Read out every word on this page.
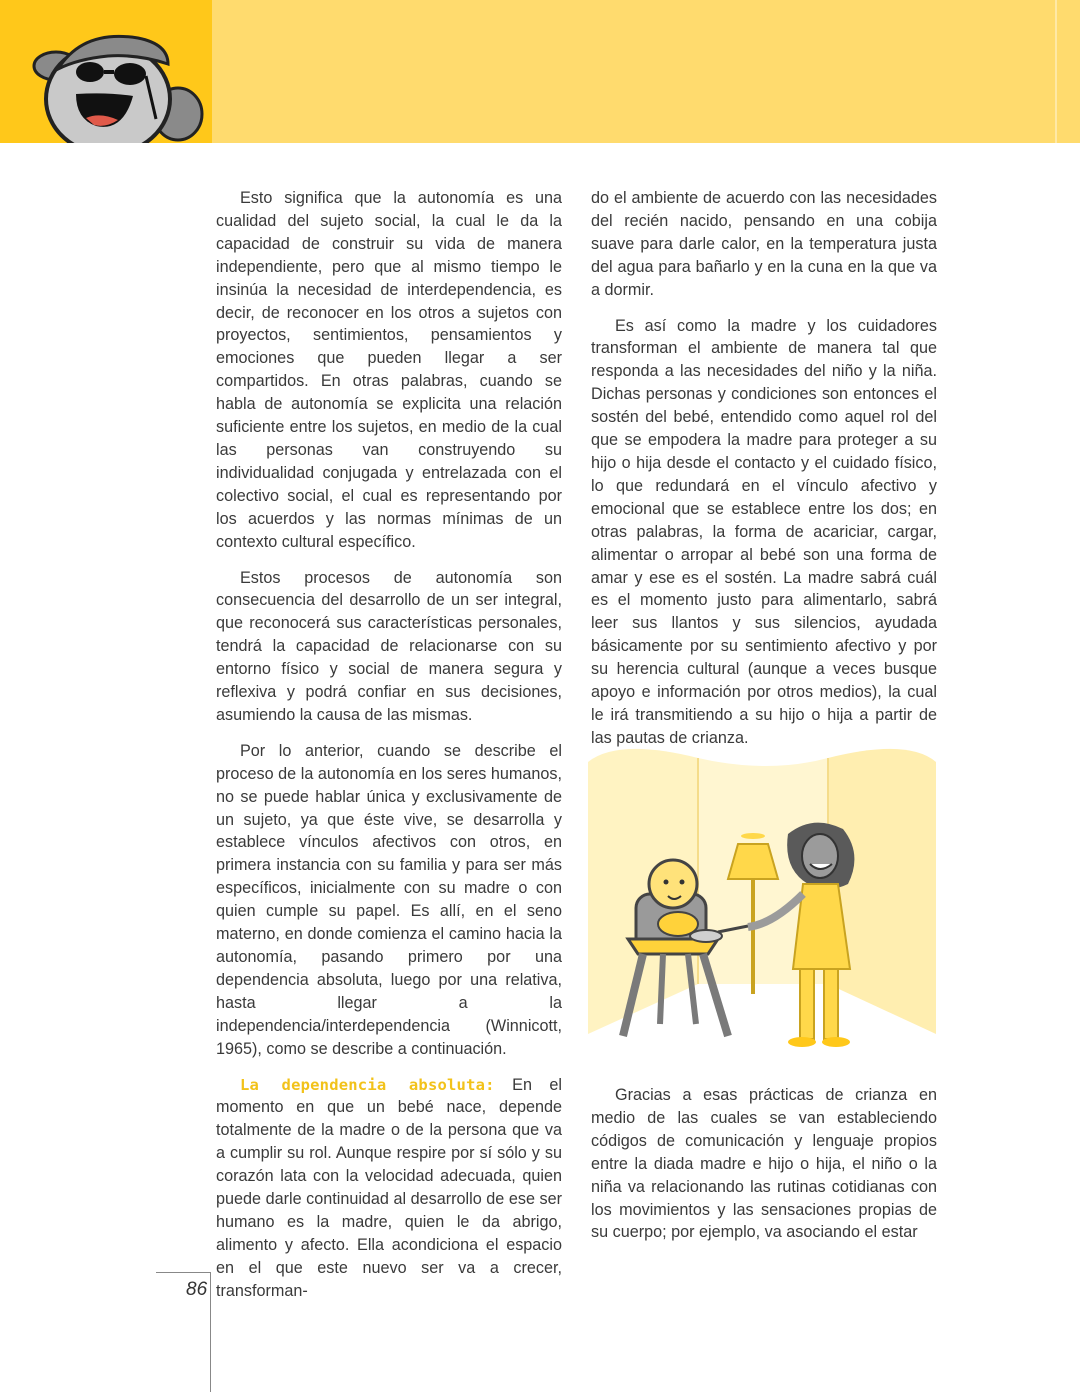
Esto significa que la autonomía es una cualidad del sujeto social, la cual le da la capacidad de construir su vida de manera independiente, pero que al mismo tiempo le insinúa la necesidad de interdependencia, es decir, de reconocer en los otros a sujetos con proyectos, sentimientos, pensamientos y emociones que pueden llegar a ser compartidos. En otras palabras, cuando se habla de autonomía se explicita una relación suficiente entre los sujetos, en medio de la cual las personas van construyendo su individualidad conjugada y entrelazada con el colectivo social, el cual es representando por los acuerdos y las normas mínimas de un contexto cultural específico.

Estos procesos de autonomía son consecuencia del desarrollo de un ser integral, que reconocerá sus características personales, tendrá la capacidad de relacionarse con su entorno físico y social de manera segura y reflexiva y podrá confiar en sus decisiones, asumiendo la causa de las mismas.

Por lo anterior, cuando se describe el proceso de la autonomía en los seres humanos, no se puede hablar única y exclusivamente de un sujeto, ya que éste vive, se desarrolla y establece vínculos afectivos con otros, en primera instancia con su familia y para ser más específicos, inicialmente con su madre o con quien cumple su papel. Es allí, en el seno materno, en donde comienza el camino hacia la autonomía, pasando primero por una dependencia absoluta, luego por una relativa, hasta llegar a la independencia/interdependencia (Winnicott, 1965), como se describe a continuación.

La dependencia absoluta: En el momento en que un bebé nace, depende totalmente de la madre o de la persona que va a cumplir su rol. Aunque respire por sí sólo y su corazón lata con la velocidad adecuada, quien puede darle continuidad al desarrollo de ese ser humano es la madre, quien le da abrigo, alimento y afecto. Ella acondiciona el espacio en el que este nuevo ser va a crecer, transforman-

do el ambiente de acuerdo con las necesidades del recién nacido, pensando en una cobija suave para darle calor, en la temperatura justa del agua para bañarlo y en la cuna en la que va a dormir.

Es así como la madre y los cuidadores transforman el ambiente de manera tal que responda a las necesidades del niño y la niña. Dichas personas y condiciones son entonces el sostén del bebé, entendido como aquel rol del que se empodera la madre para proteger a su hijo o hija desde el contacto y el cuidado físico, lo que redundará en el vínculo afectivo y emocional que se establece entre los dos; en otras palabras, la forma de acariciar, cargar, alimentar o arropar al bebé son una forma de amar y ese es el sostén. La madre sabrá cuál es el momento justo para alimentarlo, sabrá leer sus llantos y sus silencios, ayudada básicamente por su sentimiento afectivo y por su herencia cultural (aunque a veces busque apoyo e información por otros medios), la cual le irá transmitiendo a su hijo o hija a partir de las pautas de crianza.

Gracias a esas prácticas de crianza en medio de las cuales se van estableciendo códigos de comunicación y lenguaje propios entre la diada madre e hijo o hija, el niño o la niña va relacionando las rutinas cotidianas con los movimientos y las sensaciones propias de su cuerpo; por ejemplo, va asociando el estar

86
